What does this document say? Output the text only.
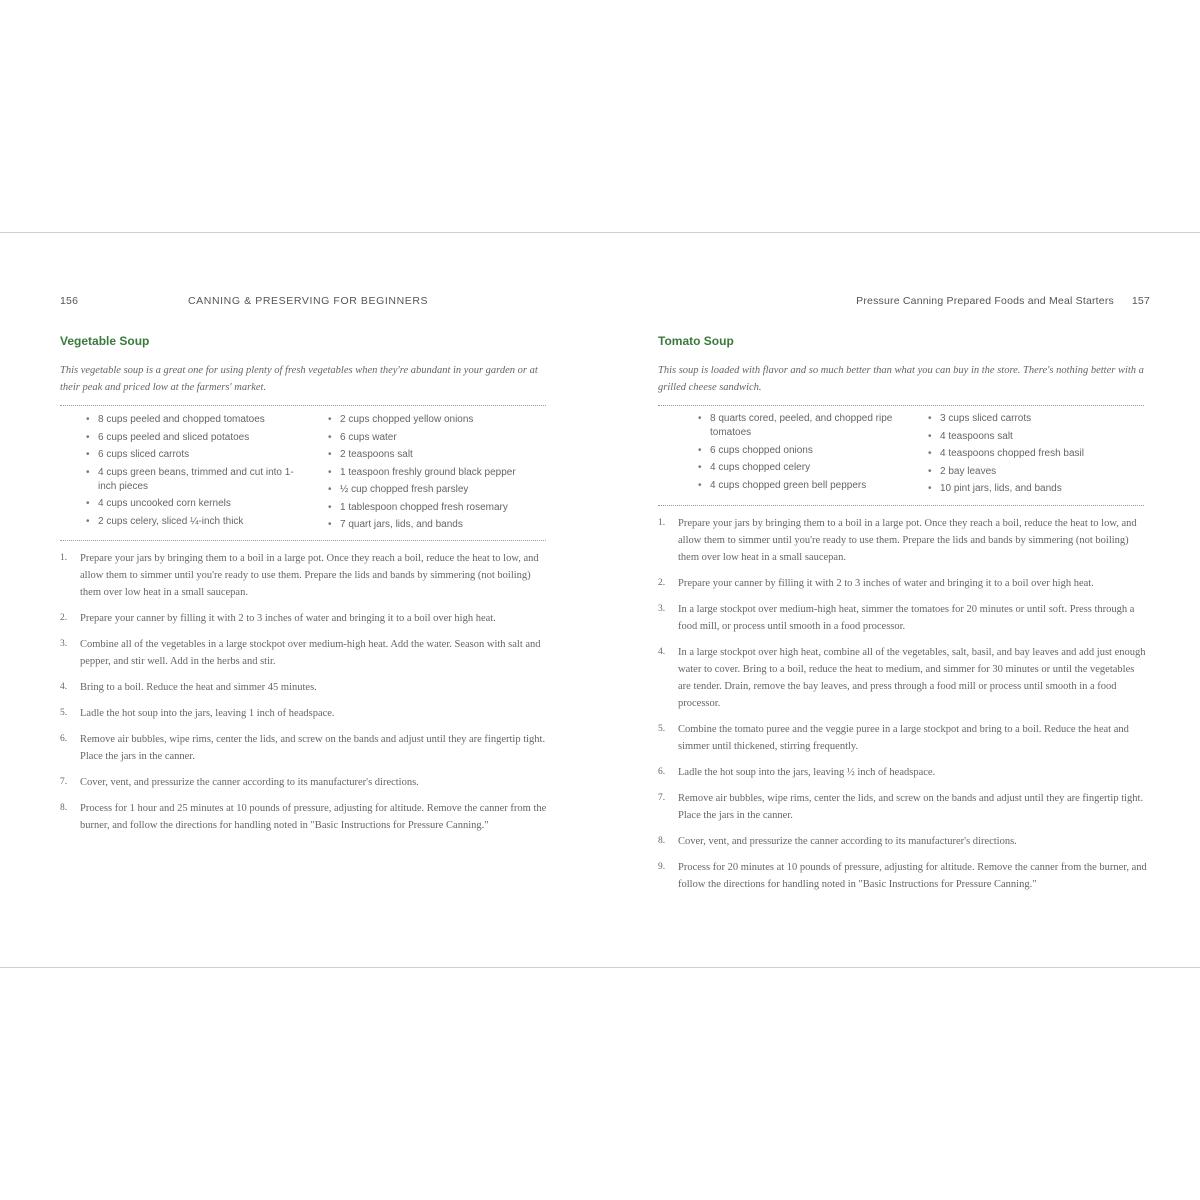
156	CANNING & PRESERVING FOR BEGINNERS
Vegetable Soup

This vegetable soup is a great one for using plenty of fresh vegetables when they're abundant in your garden or at their peak and priced low at the farmers' market.

• 8 cups peeled and chopped tomatoes
• 6 cups peeled and sliced potatoes
• 6 cups sliced carrots
• 4 cups green beans, trimmed and cut into 1-inch pieces
• 4 cups uncooked corn kernels
• 2 cups celery, sliced ¼-inch thick
• 2 cups chopped yellow onions
• 6 cups water
• 2 teaspoons salt
• 1 teaspoon freshly ground black pepper
• ½ cup chopped fresh parsley
• 1 tablespoon chopped fresh rosemary
• 7 quart jars, lids, and bands
1. Prepare your jars by bringing them to a boil in a large pot. Once they reach a boil, reduce the heat to low, and allow them to simmer until you're ready to use them. Prepare the lids and bands by simmering (not boiling) them over low heat in a small saucepan.
2. Prepare your canner by filling it with 2 to 3 inches of water and bringing it to a boil over high heat.
3. Combine all of the vegetables in a large stockpot over medium-high heat. Add the water. Season with salt and pepper, and stir well. Add in the herbs and stir.
4. Bring to a boil. Reduce the heat and simmer 45 minutes.
5. Ladle the hot soup into the jars, leaving 1 inch of headspace.
6. Remove air bubbles, wipe rims, center the lids, and screw on the bands and adjust until they are fingertip tight. Place the jars in the canner.
7. Cover, vent, and pressurize the canner according to its manufacturer's directions.
8. Process for 1 hour and 25 minutes at 10 pounds of pressure, adjusting for altitude. Remove the canner from the burner, and follow the directions for handling noted in "Basic Instructions for Pressure Canning."
Pressure Canning Prepared Foods and Meal Starters 157
Tomato Soup

This soup is loaded with flavor and so much better than what you can buy in the store. There's nothing better with a grilled cheese sandwich.

• 8 quarts cored, peeled, and chopped ripe tomatoes
• 6 cups chopped onions
• 4 cups chopped celery
• 4 cups chopped green bell peppers
• 3 cups sliced carrots
• 4 teaspoons salt
• 4 teaspoons chopped fresh basil
• 2 bay leaves
• 10 pint jars, lids, and bands
1. Prepare your jars by bringing them to a boil in a large pot. Once they reach a boil, reduce the heat to low, and allow them to simmer until you're ready to use them. Prepare the lids and bands by simmering (not boiling) them over low heat in a small saucepan.
2. Prepare your canner by filling it with 2 to 3 inches of water and bringing it to a boil over high heat.
3. In a large stockpot over medium-high heat, simmer the tomatoes for 20 minutes or until soft. Press through a food mill, or process until smooth in a food processor.
4. In a large stockpot over high heat, combine all of the vegetables, salt, basil, and bay leaves and add just enough water to cover. Bring to a boil, reduce the heat to medium, and simmer for 30 minutes or until the vegetables are tender. Drain, remove the bay leaves, and press through a food mill or process until smooth in a food processor.
5. Combine the tomato puree and the veggie puree in a large stockpot and bring to a boil. Reduce the heat and simmer until thickened, stirring frequently.
6. Ladle the hot soup into the jars, leaving ½ inch of headspace.
7. Remove air bubbles, wipe rims, center the lids, and screw on the bands and adjust until they are fingertip tight. Place the jars in the canner.
8. Cover, vent, and pressurize the canner according to its manufacturer's directions.
9. Process for 20 minutes at 10 pounds of pressure, adjusting for altitude. Remove the canner from the burner, and follow the directions for handling noted in "Basic Instructions for Pressure Canning."
